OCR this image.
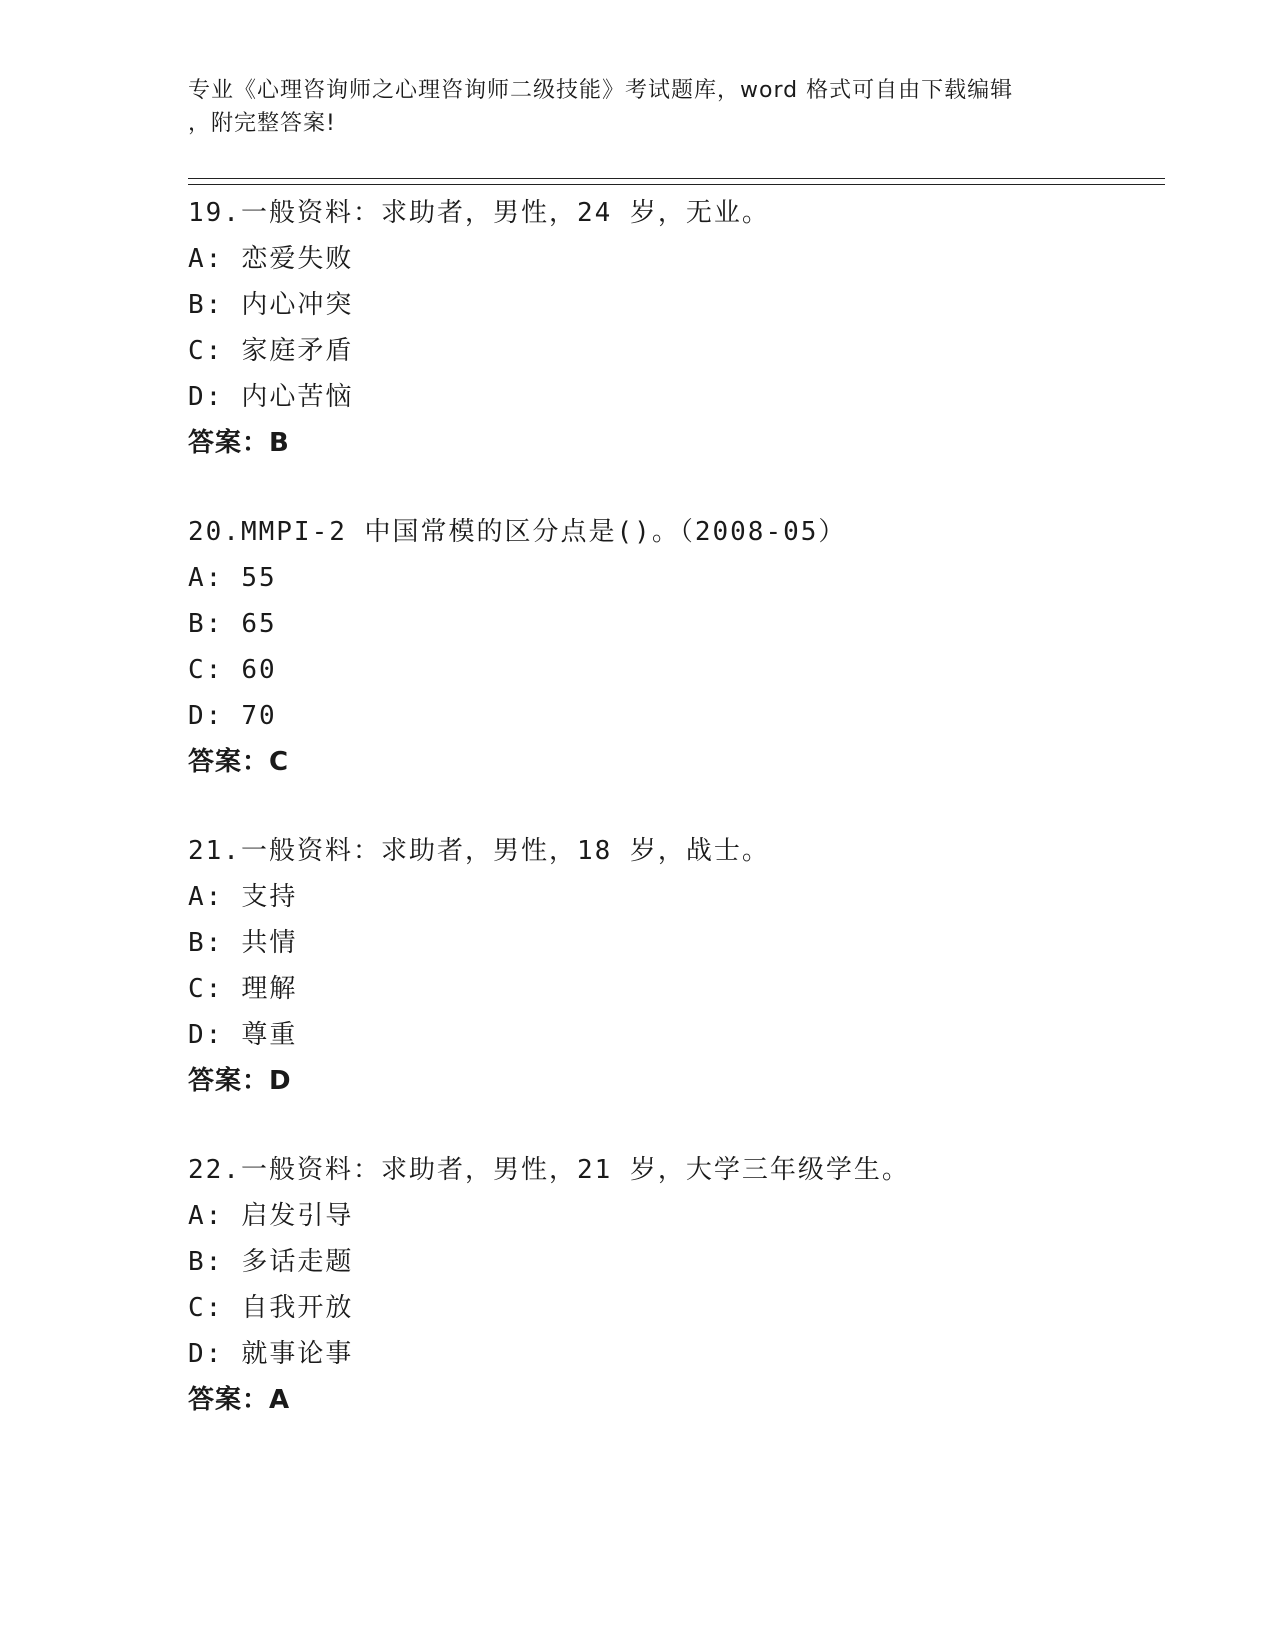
专业《心理咨询师之心理咨询师二级技能》考试题库，word 格式可自由下载编辑
，附完整答案!
19.一般资料：求助者，男性，24 岁，无业。
A: 恋爱失败
B: 内心冲突
C: 家庭矛盾
D: 内心苦恼
答案：B
20.MMPI-2 中国常模的区分点是()。（2008-05）
A: 55
B: 65
C: 60
D: 70
答案：C
21.一般资料：求助者，男性，18 岁，战士。
A: 支持
B: 共情
C: 理解
D: 尊重
答案：D
22.一般资料：求助者，男性，21 岁，大学三年级学生。
A: 启发引导
B: 多话走题
C: 自我开放
D: 就事论事
答案：A
